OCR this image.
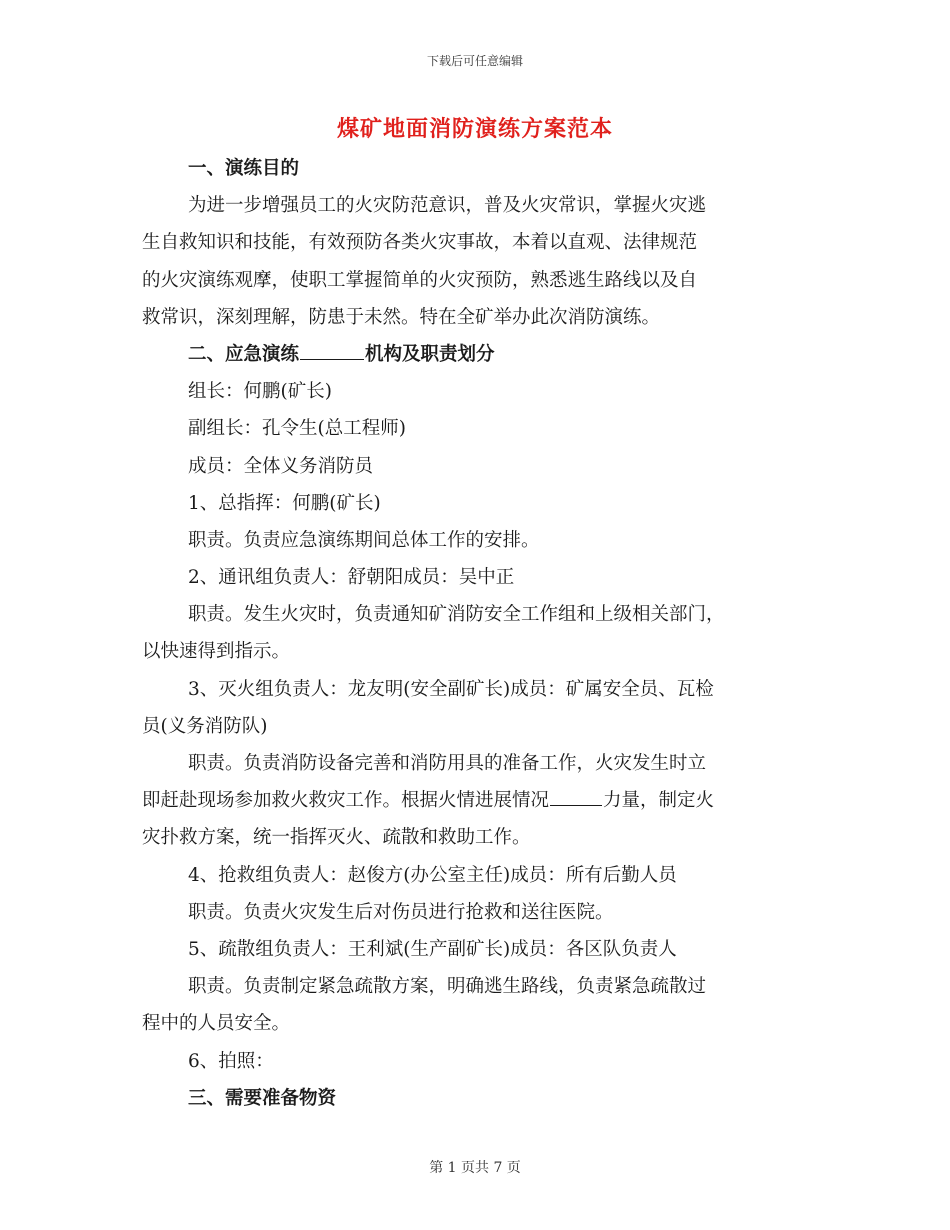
下载后可任意编辑
煤矿地面消防演练方案范本
一、演练目的
为进一步增强员工的火灾防范意识，普及火灾常识，掌握火灾逃
生自救知识和技能，有效预防各类火灾事故，本着以直观、法律规范
的火灾演练观摩，使职工掌握简单的火灾预防，熟悉逃生路线以及自
救常识，深刻理解，防患于未然。特在全矿举办此次消防演练。
二、应急演练	机构及职责划分
组长：何鹏(矿长)
副组长：孔令生(总工程师)
成员：全体义务消防员
1、总指挥：何鹏(矿长)
职责。负责应急演练期间总体工作的安排。
2、通讯组负责人：舒朝阳成员：吴中正
职责。发生火灾时，负责通知矿消防安全工作组和上级相关部门，
以快速得到指示。
3、灭火组负责人：龙友明(安全副矿长)成员：矿属安全员、瓦检
员(义务消防队)
职责。负责消防设备完善和消防用具的准备工作，火灾发生时立
即赶赴现场参加救火救灾工作。根据火情进展情况	力量，制定火
灾扑救方案，统一指挥灭火、疏散和救助工作。
4、抢救组负责人：赵俊方(办公室主任)成员：所有后勤人员
职责。负责火灾发生后对伤员进行抢救和送往医院。
5、疏散组负责人：王利斌(生产副矿长)成员：各区队负责人
职责。负责制定紧急疏散方案，明确逃生路线，负责紧急疏散过
程中的人员安全。
6、拍照：
三、需要准备物资
第 1 页共 7 页
